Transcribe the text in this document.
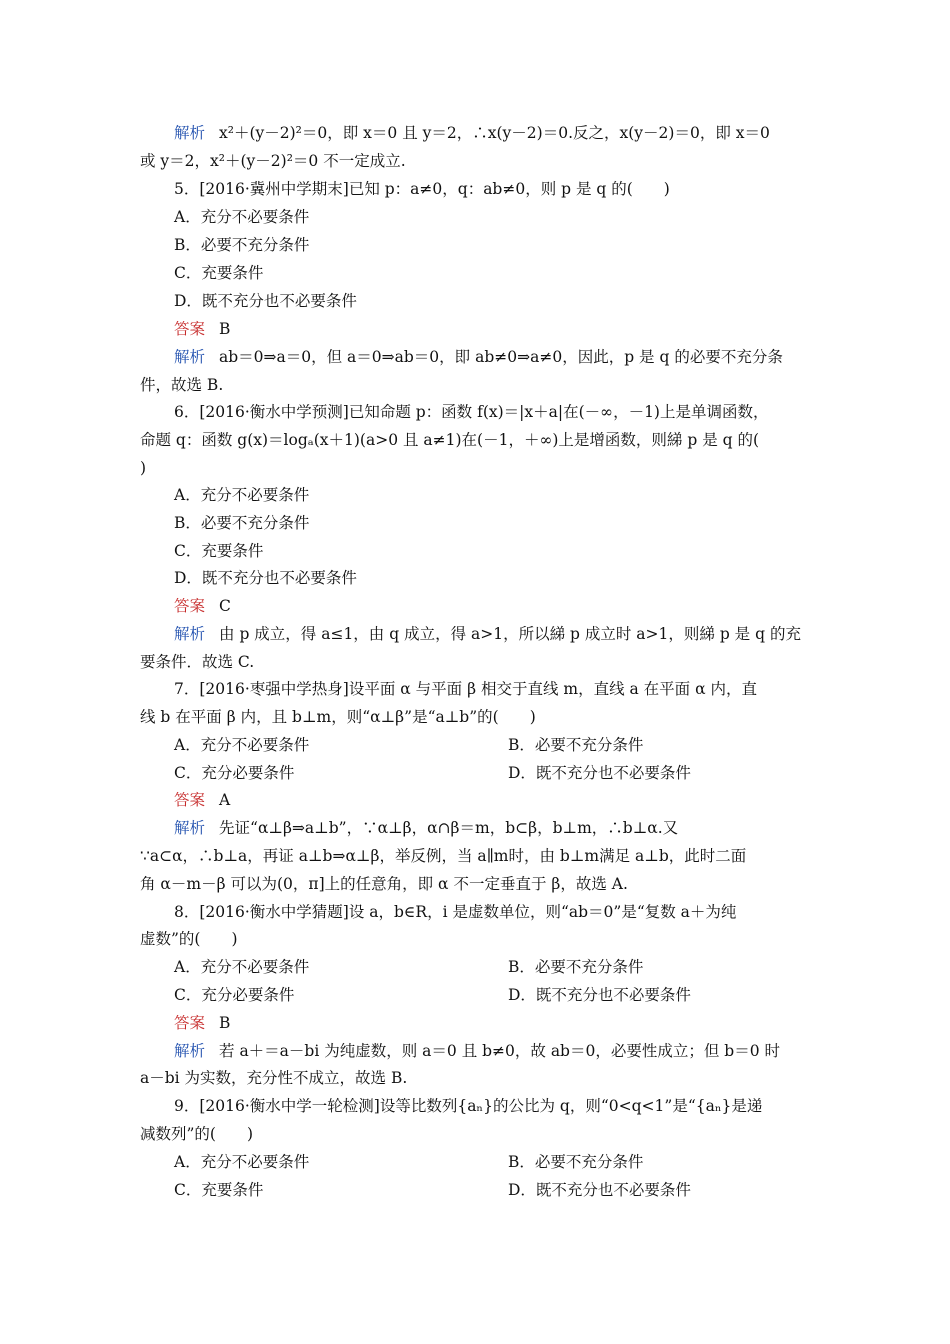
解析 x²＋(y－2)²＝0，即 x＝0 且 y＝2，∴x(y－2)＝0.反之，x(y－2)＝0，即 x＝0
或 y＝2，x²＋(y－2)²＝0 不一定成立.
5．[2016·冀州中学期末]已知 p：a≠0，q：ab≠0，则 p 是 q 的(　　)
A．充分不必要条件
B．必要不充分条件
C．充要条件
D．既不充分也不必要条件
答案 B
解析 ab＝0⇒a＝0，但 a＝0⇒ab＝0，即 ab≠0⇒a≠0，因此，p 是 q 的必要不充分条
件，故选 B.
6．[2016·衡水中学预测]已知命题 p：函数 f(x)＝|x＋a|在(－∞，－1)上是单调函数，
命题 q：函数 g(x)＝logₐ(x＋1)(a>0 且 a≠1)在(－1，＋∞)上是增函数，则綈 p 是 q 的(
)
A．充分不必要条件
B．必要不充分条件
C．充要条件
D．既不充分也不必要条件
答案 C
解析 由 p 成立，得 a≤1，由 q 成立，得 a>1，所以綈 p 成立时 a>1，则綈 p 是 q 的充
要条件．故选 C.
7．[2016·枣强中学热身]设平面 α 与平面 β 相交于直线 m，直线 a 在平面 α 内，直
线 b 在平面 β 内，且 b⊥m，则“α⊥β”是“a⊥b”的(　　)
A．充分不必要条件	B．必要不充分条件
C．充分必要条件	D．既不充分也不必要条件
答案 A
解析 先证“α⊥β⇒a⊥b”，∵α⊥β，α∩β＝m，b⊂β，b⊥m，∴b⊥α.又
∵a⊂α，∴b⊥a，再证 a⊥b⇒α⊥β，举反例，当 a∥m时，由 b⊥m满足 a⊥b，此时二面
角 α－m－β 可以为(0，π]上的任意角，即 α 不一定垂直于 β，故选 A.
8．[2016·衡水中学猜题]设 a，b∈R，i 是虚数单位，则“ab＝0”是“复数 a＋为纯
虚数”的(　　)
A．充分不必要条件	B．必要不充分条件
C．充分必要条件	D．既不充分也不必要条件
答案 B
解析 若 a＋＝a－bi 为纯虚数，则 a＝0 且 b≠0，故 ab＝0，必要性成立；但 b＝0 时
a－bi 为实数，充分性不成立，故选 B.
9．[2016·衡水中学一轮检测]设等比数列{aₙ}的公比为 q，则“0<q<1”是“{aₙ}是递
减数列”的(　　)
A．充分不必要条件	B．必要不充分条件
C．充要条件	D．既不充分也不必要条件
